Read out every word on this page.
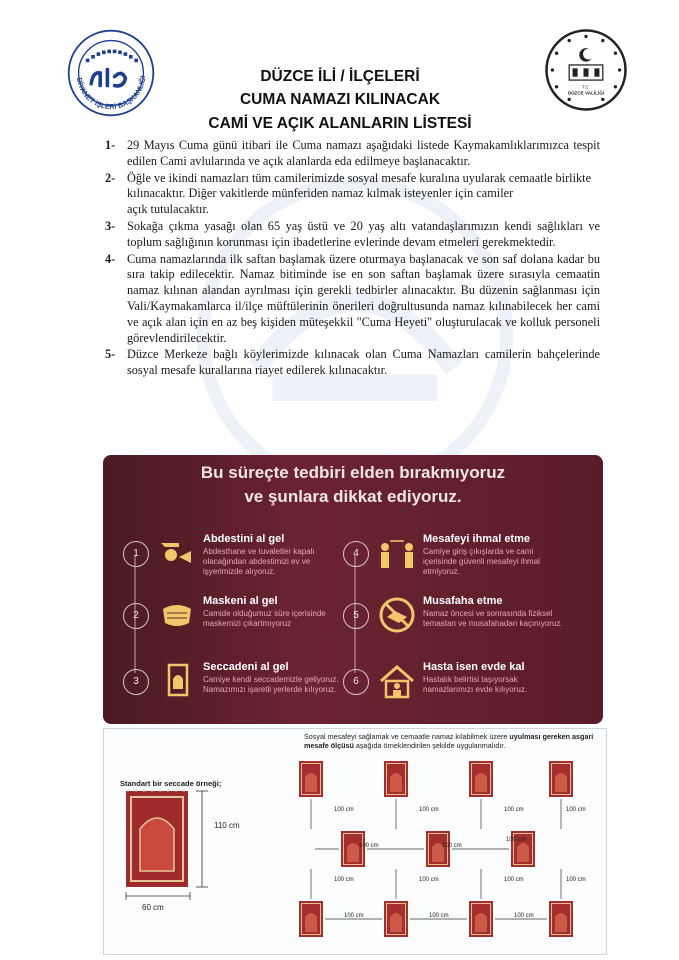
DİYANET İŞLERİ BAŞKANLIĞI
T.C.
DÜZCE VALİLİĞİ
DÜZCE İLİ / İLÇELERİ
CUMA NAMAZI KILINACAK
CAMİ VE AÇIK ALANLARIN LİSTESİ
1- 29 Mayıs Cuma günü itibari ile Cuma namazı aşağıdaki listede Kaymakamlıklarımızca tespit edilen Cami avlularında ve açık alanlarda eda edilmeye başlanacaktır.
2- Öğle ve ikindi namazları tüm camilerimizde sosyal mesafe kuralına uyularak cemaatle birlikte
kılınacaktır. Diğer vakitlerde münferiden namaz kılmak isteyenler için camiler
açık tutulacaktır.
3- Sokağa çıkma yasağı olan 65 yaş üstü ve 20 yaş altı vatandaşlarımızın kendi sağlıkları ve toplum sağlığının korunması için ibadetlerine evlerinde devam etmeleri gerekmektedir.
4- Cuma namazlarında ilk saftan başlamak üzere oturmaya başlanacak ve son saf dolana kadar bu sıra takip edilecektir. Namaz bitiminde ise en son saftan başlamak üzere sırasıyla cemaatin namaz kılınan alandan ayrılması için gerekli tedbirler alınacaktır. Bu düzenin sağlanması için Vali/Kaymakamlarca il/ilçe müftülerinin önerileri doğrultusunda namaz kılınabilecek her cami ve açık alan için en az beş kişiden müteşekkil "Cuma Heyeti" oluşturulacak ve kolluk personeli görevlendirilecektir.
5- Düzce Merkeze bağlı köylerimizde kılınacak olan Cuma Namazları camilerin bahçelerinde sosyal mesafe kurallarına riayet edilerek kılınacaktır.
Bu süreçte tedbiri elden bırakmıyoruz
ve şunlara dikkat ediyoruz.
1
Abdestini al gel
Abdesthane ve tuvaletler kapalı olacağından abdestimizi ev ve işyerimizde alıyoruz.
2
Maskeni al gel
Camide olduğumuz süre içerisinde maskemizi çıkartmıyoruz
3
Seccadeni al gel
Camiye kendi seccademizle geliyoruz. Namazımızı işaretli yerlerde kılıyoruz.
4
Mesafeyi ihmal etme
Camiye giriş çıkışlarda ve cami içerisinde güvenli mesafeyi ihmal etmiyoruz.
5
Musafaha etme
Namaz öncesi ve sonrasında fiziksel temastan ve musafahadan kaçınıyoruz.
6
Hasta isen evde kal
Hastalık belirtisi taşıyorsak namazlarımızı evde kılıyoruz.
Sosyal mesafeyi sağlamak ve cemaatle namaz kılabilmek üzere uyulması gereken asgari mesafe ölçüsü aşağıda örneklendirilen şekilde uygulanmalıdır.
Standart bir seccade örneği;
110 cm
60 cm
100 cm	100 cm	100 cm	100 cm
100 cm	100 cm
100 cm
100 cm	100 cm	100 cm	100 cm
100 cm	100 cm	100 cm
